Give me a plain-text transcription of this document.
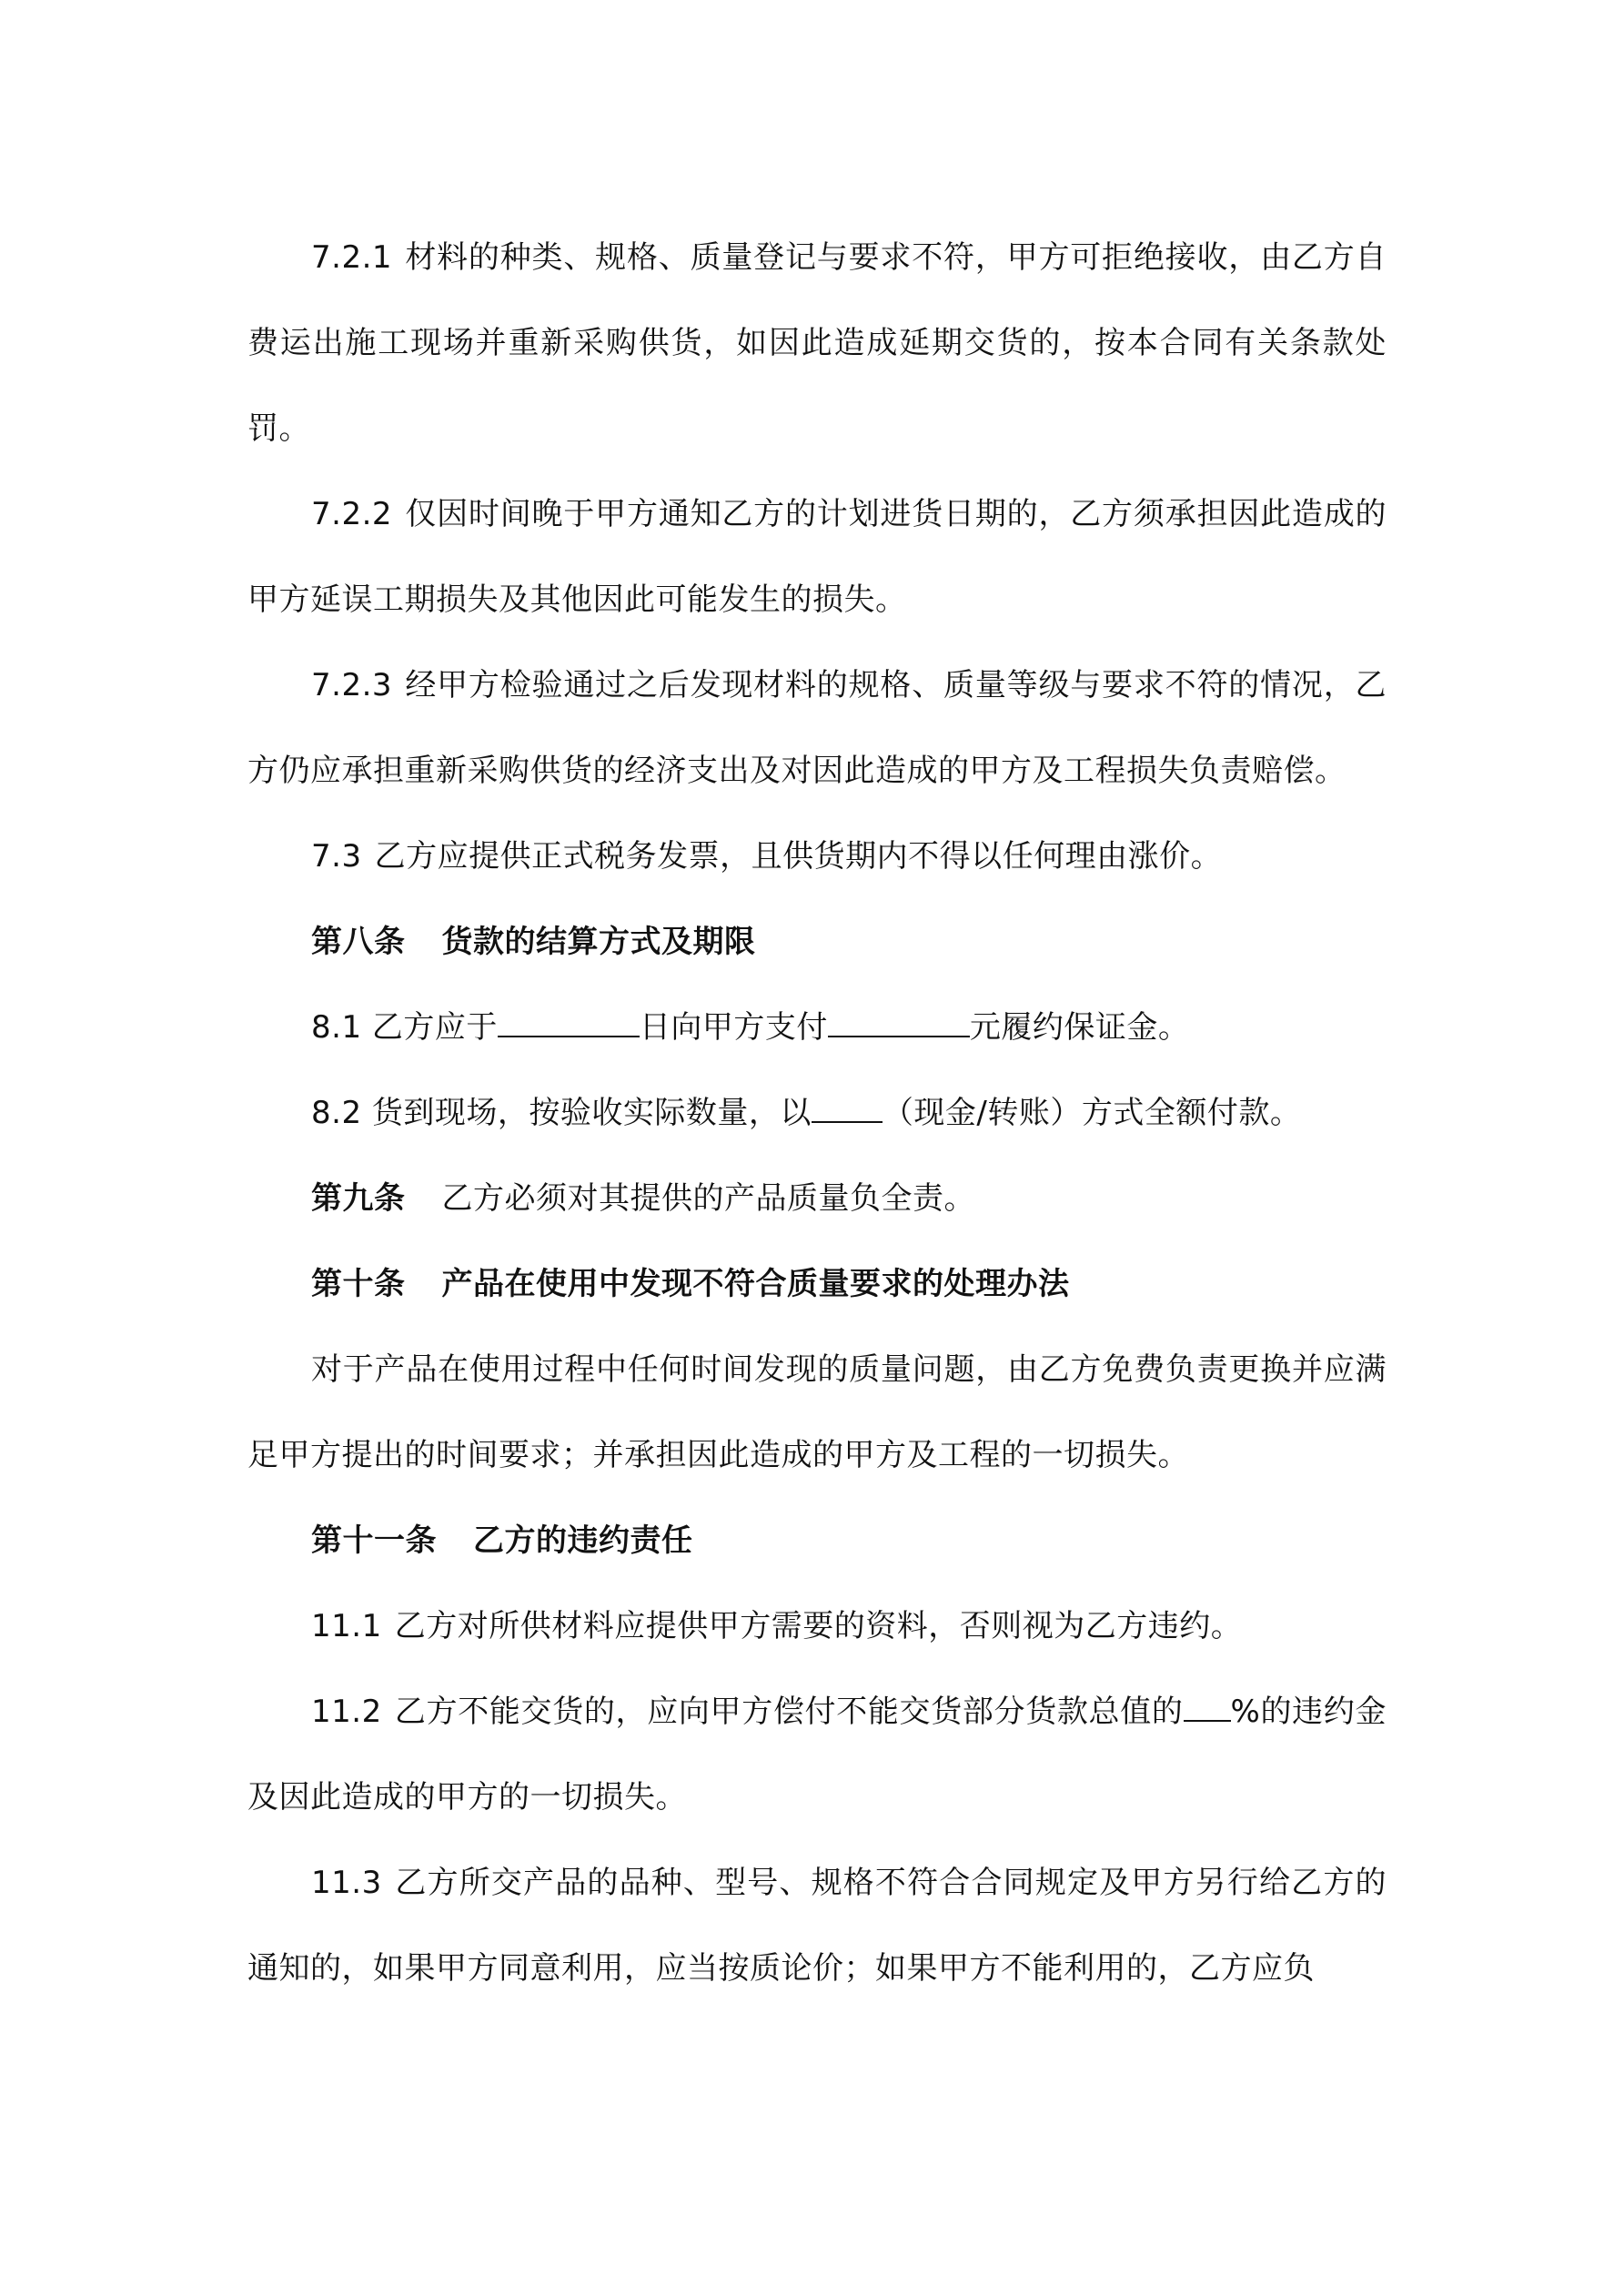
7.2.1 材料的种类、规格、质量登记与要求不符，甲方可拒绝接收，由乙方自费运出施工现场并重新采购供货，如因此造成延期交货的，按本合同有关条款处罚。

7.2.2 仅因时间晚于甲方通知乙方的计划进货日期的，乙方须承担因此造成的甲方延误工期损失及其他因此可能发生的损失。

7.2.3 经甲方检验通过之后发现材料的规格、质量等级与要求不符的情况，乙方仍应承担重新采购供货的经济支出及对因此造成的甲方及工程损失负责赔偿。

7.3 乙方应提供正式税务发票，且供货期内不得以任何理由涨价。

第八条 货款的结算方式及期限

8.1 乙方应于	日向甲方支付	元履约保证金。

8.2 货到现场，按验收实际数量，以 （现金/转账）方式全额付款。

第九条 乙方必须对其提供的产品质量负全责。

第十条 产品在使用中发现不符合质量要求的处理办法

对于产品在使用过程中任何时间发现的质量问题，由乙方免费负责更换并应满足甲方提出的时间要求；并承担因此造成的甲方及工程的一切损失。

第十一条 乙方的违约责任

11.1 乙方对所供材料应提供甲方需要的资料，否则视为乙方违约。

11.2 乙方不能交货的，应向甲方偿付不能交货部分货款总值的 %的违约金及因此造成的甲方的一切损失。

11.3 乙方所交产品的品种、型号、规格不符合合同规定及甲方另行给乙方的通知的，如果甲方同意利用，应当按质论价；如果甲方不能利用的，乙方应负
